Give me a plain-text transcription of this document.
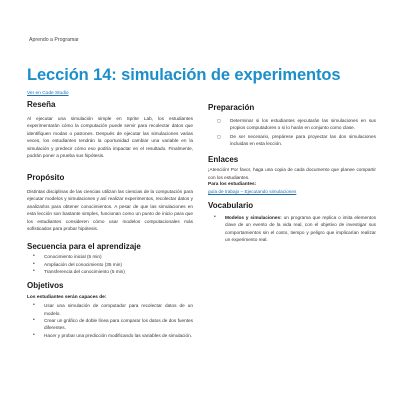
Aprendo a Programar
Lección 14: simulación de experimentos
Ver en Code Studio
Reseña

Al ejecutar una simulación simple en Sprite Lab, los estudiantes experimentarán cómo la computación puede servir para recolectar datos que identifiquen modas o patrones. Después de ejecutar las simulaciones varias veces, los estudiantes tendrán la oportunidad cambiar una variable en la simulación y predecir cómo eso podría impactar en el resultado. Finalmente, podrán poner a prueba sus hipótesis.

Propósito

Distintas disciplinas de las ciencias utilizan las ciencias de la computación para ejecutar modelos y simulaciones y así realizar experimentos, recolectar datos y analizarlos para obtener conocimientos. A pesar de que las simulaciones en esta lección son bastante simples, funcionan como un punto de inicio para que los estudiantes consideren cómo usar modelos computacionales más sofisticados para probar hipótesis.

Secuencia para el aprendizaje
• Conocimiento inicial (5 min)
• Ampliación del conocimiento (35 min)
• Transferencia del conocimiento (5 min)
Objetivos
Los estudiantes serán capaces de:
• Usar una simulación de computador para recolectar datos de un modelo.
• Crear un gráfico de doble línea para comparar los datos de dos fuentes diferentes.
• Hacer y probar una predicción modificando las variables de simulación.
Preparación
◻ Determinar si los estudiantes ejecutarán las simulaciones en sus propios computadores o si lo harán en conjunto como clase.
◻ De ser necesario, prepárese para proyectar las dos simulaciones incluidas en esta lección.
Enlaces

¡Atención! Por favor, haga una copia de cada documento que planee compartir con los estudiantes.

Para los estudiantes:
guía de trabajo – Ejecutando simulaciones
Vocabulario
• Modelos y simulaciones: un programa que replica o imita elementos clave de un evento de la vida real, con el objetivo de investigar sus comportamientos sin el costo, tiempo y peligro que implicarían realizar un experimento real.
